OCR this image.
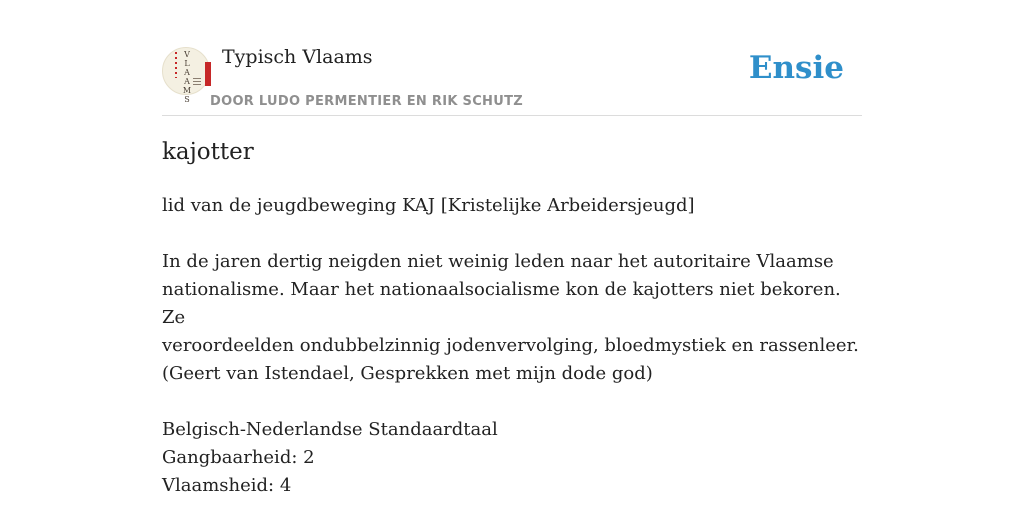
V
L
A
A
M
S
Typisch Vlaams
DOOR LUDO PERMENTIER EN RIK SCHUTZ
Ensie
kajotter

lid van de jeugdbeweging KAJ [Kristelijke Arbeidersjeugd]

In de jaren dertig neigden niet weinig leden naar het autoritaire Vlaamse

nationalisme. Maar het nationaalsocialisme kon de kajotters niet bekoren. Ze

veroordeelden ondubbelzinnig jodenvervolging, bloedmystiek en rassenleer.

(Geert van Istendael, Gesprekken met mijn dode god)

Belgisch-Nederlandse Standaardtaal

Gangbaarheid: 2

Vlaamsheid: 4
